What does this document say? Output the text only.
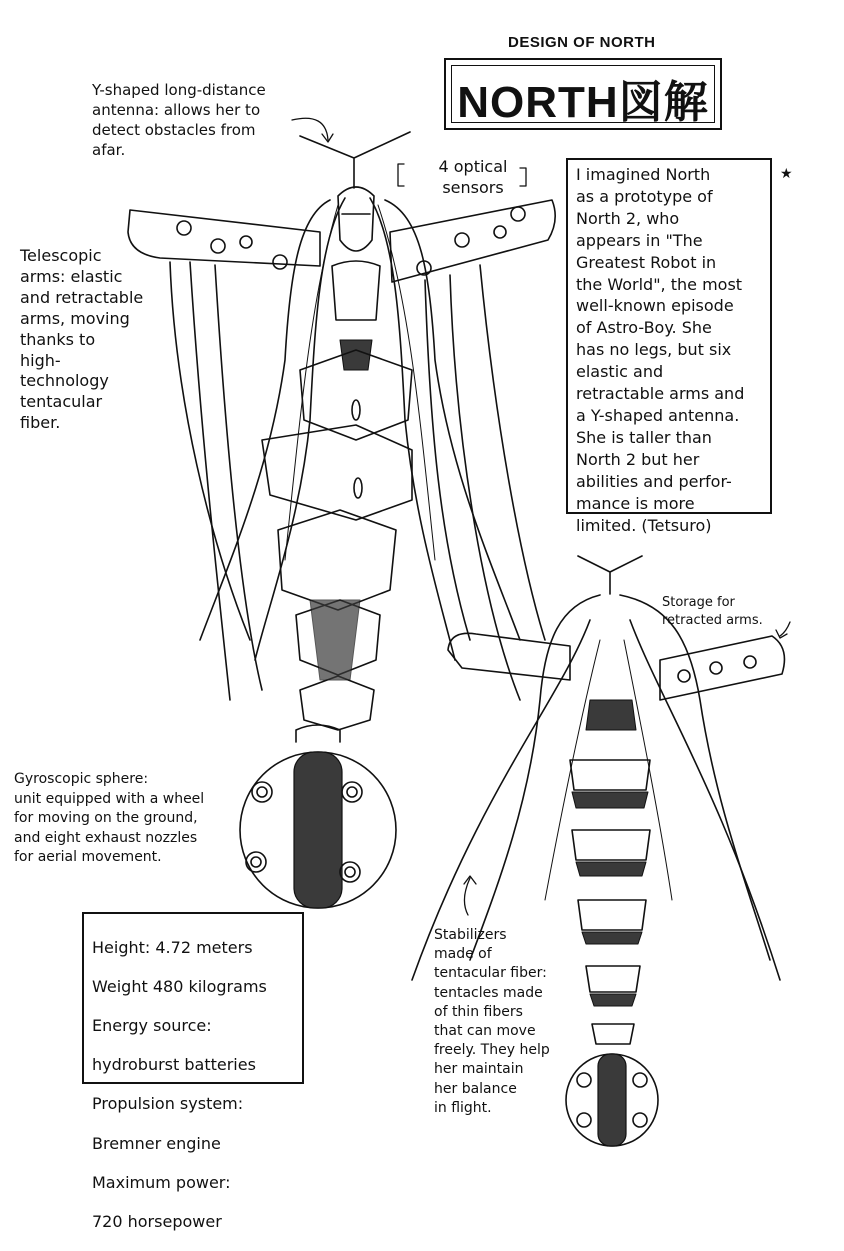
DESIGN OF NORTH
NORTH図解
Y-shaped long-distance
antenna: allows her to
detect obstacles from
afar.
4 optical
sensors
Telescopic
arms: elastic
and retractable
arms, moving
thanks to
high-
technology
tentacular
fiber.
Gyroscopic sphere:
unit equipped with a wheel
for moving on the ground,
and eight exhaust nozzles
for aerial movement.
Storage for
retracted arms.
Stabilizers
made of
tentacular fiber:
tentacles made
of thin fibers
that can move
freely. They help
her maintain
her balance
in flight.
I imagined North
as a prototype of
North 2, who
appears in "The
Greatest Robot in
the World", the most
well-known episode
of Astro-Boy. She
has no legs, but six
elastic and
retractable arms and
a Y-shaped antenna.
She is taller than
North 2 but her
abilities and perfor-
mance is more
limited. (Tetsuro)
★

Height: 4.72 meters

Weight 480 kilograms

Energy source:

hydroburst batteries

Propulsion system:

Bremner engine

Maximum power:

720 horsepower
